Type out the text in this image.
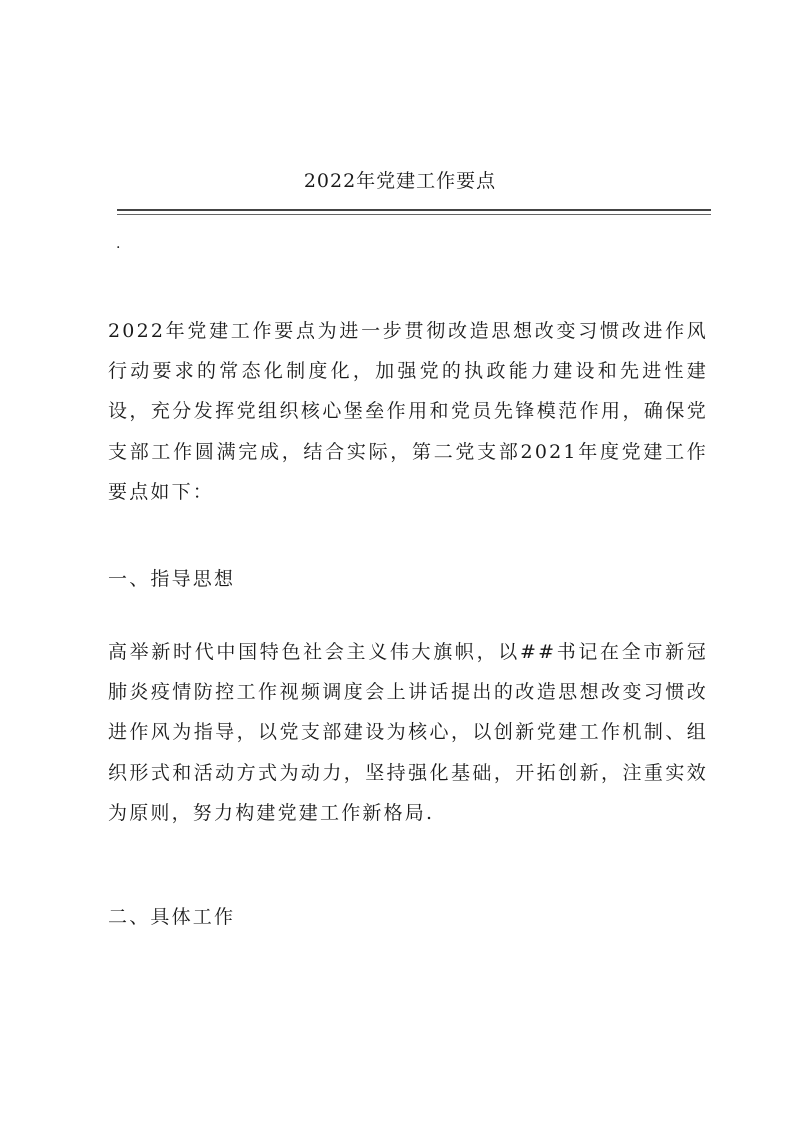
2022年党建工作要点
.

2022年党建工作要点为进一步贯彻改造思想改变习惯改进作风行动要求的常态化制度化，加强党的执政能力建设和先进性建设，充分发挥党组织核心堡垒作用和党员先锋模范作用，确保党支部工作圆满完成，结合实际，第二党支部2021年度党建工作要点如下：

一、指导思想

高举新时代中国特色社会主义伟大旗帜，以##书记在全市新冠肺炎疫情防控工作视频调度会上讲话提出的改造思想改变习惯改进作风为指导，以党支部建设为核心，以创新党建工作机制、组织形式和活动方式为动力，坚持强化基础，开拓创新，注重实效为原则，努力构建党建工作新格局.

二、具体工作
